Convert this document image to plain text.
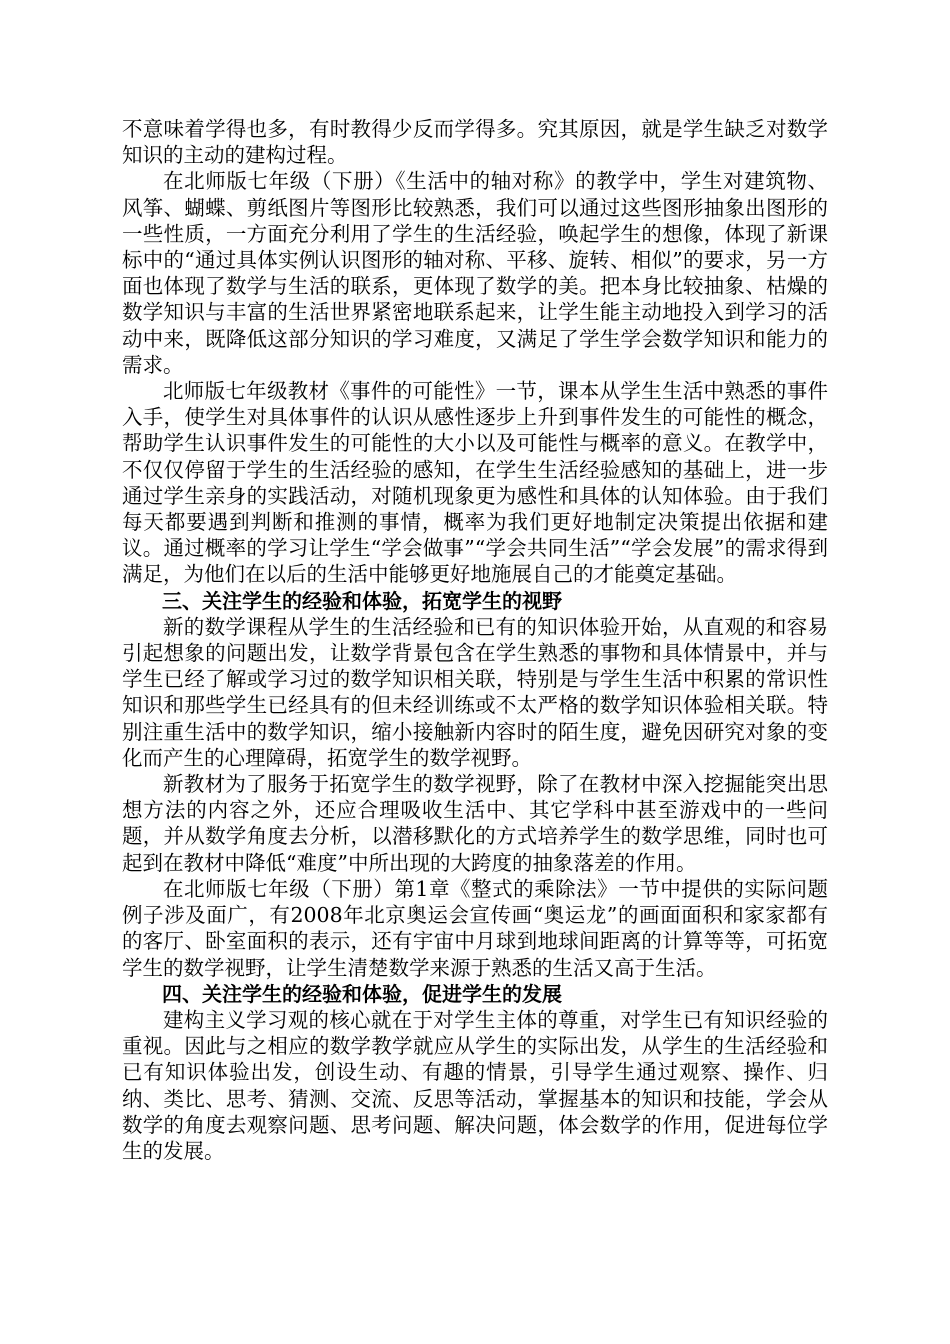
不意味着学得也多，有时教得少反而学得多。究其原因，就是学生缺乏对数学知识的主动的建构过程。

在北师版七年级（下册）《生活中的轴对称》的教学中，学生对建筑物、风筝、蝴蝶、剪纸图片等图形比较熟悉，我们可以通过这些图形抽象出图形的一些性质，一方面充分利用了学生的生活经验，唤起学生的想像，体现了新课标中的“通过具体实例认识图形的轴对称、平移、旋转、相似”的要求，另一方面也体现了数学与生活的联系，更体现了数学的美。把本身比较抽象、枯燥的数学知识与丰富的生活世界紧密地联系起来，让学生能主动地投入到学习的活动中来，既降低这部分知识的学习难度，又满足了学生学会数学知识和能力的需求。

北师版七年级教材《事件的可能性》一节，课本从学生生活中熟悉的事件入手，使学生对具体事件的认识从感性逐步上升到事件发生的可能性的概念，帮助学生认识事件发生的可能性的大小以及可能性与概率的意义。在教学中，不仅仅停留于学生的生活经验的感知，在学生生活经验感知的基础上，进一步通过学生亲身的实践活动，对随机现象更为感性和具体的认知体验。由于我们每天都要遇到判断和推测的事情，概率为我们更好地制定决策提出依据和建议。通过概率的学习让学生“学会做事”“学会共同生活”“学会发展”的需求得到满足，为他们在以后的生活中能够更好地施展自己的才能奠定基础。

三、关注学生的经验和体验，拓宽学生的视野

新的数学课程从学生的生活经验和已有的知识体验开始，从直观的和容易引起想象的问题出发，让数学背景包含在学生熟悉的事物和具体情景中，并与学生已经了解或学习过的数学知识相关联，特别是与学生生活中积累的常识性知识和那些学生已经具有的但未经训练或不太严格的数学知识体验相关联。特别注重生活中的数学知识，缩小接触新内容时的陌生度，避免因研究对象的变化而产生的心理障碍，拓宽学生的数学视野。

新教材为了服务于拓宽学生的数学视野，除了在教材中深入挖掘能突出思想方法的内容之外，还应合理吸收生活中、其它学科中甚至游戏中的一些问题，并从数学角度去分析，以潜移默化的方式培养学生的数学思维，同时也可起到在教材中降低“难度”中所出现的大跨度的抽象落差的作用。

在北师版七年级（下册）第1章《整式的乘除法》一节中提供的实际问题例子涉及面广，有2008年北京奥运会宣传画“奥运龙”的画面面积和家家都有的客厅、卧室面积的表示，还有宇宙中月球到地球间距离的计算等等，可拓宽学生的数学视野，让学生清楚数学来源于熟悉的生活又高于生活。

四、关注学生的经验和体验，促进学生的发展

建构主义学习观的核心就在于对学生主体的尊重，对学生已有知识经验的重视。因此与之相应的数学教学就应从学生的实际出发，从学生的生活经验和已有知识体验出发，创设生动、有趣的情景，引导学生通过观察、操作、归纳、类比、思考、猜测、交流、反思等活动，掌握基本的知识和技能，学会从数学的角度去观察问题、思考问题、解决问题，体会数学的作用，促进每位学生的发展。
